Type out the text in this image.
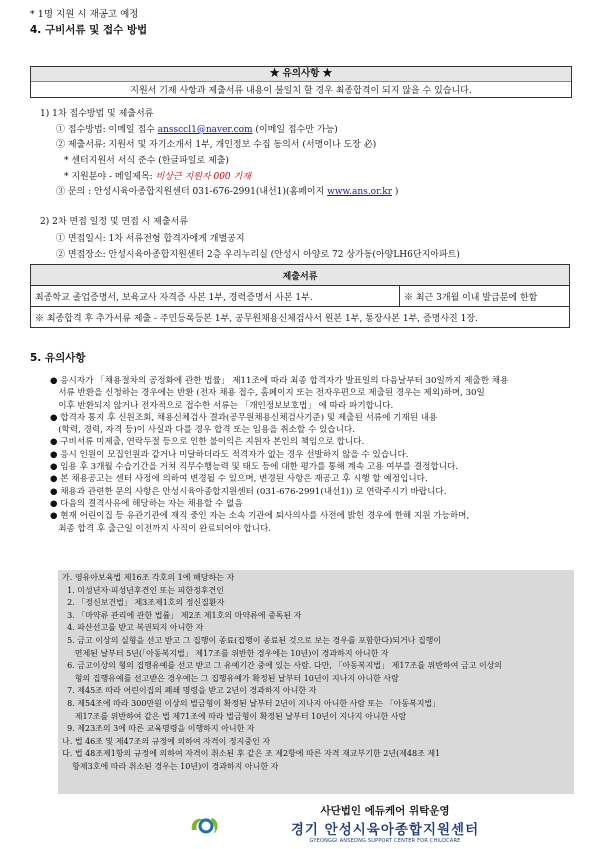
* 1명 지원 시 재공고 예정
4. 구비서류 및 접수 방법
★ 유의사항 ★
지원서 기재 사항과 제출서류 내용이 불일치 할 경우 최종합격이 되지 않을 수 있습니다.
1) 1차 접수방법 및 제출서류
① 접수방법: 이메일 접수 anssccl1@naver.com (이메일 접수만 가능)
② 제출서류: 지원서 및 자기소개서 1부, 개인정보 수집 동의서 (서명이나 도장 必)
* 센터지원서 서식 준수 (한글파일로 제출)
* 지원분야 - 메일제목: 비상근 지원자 000 기재
③ 문의 : 안성시육아종합지원센터 031-676-2991(내선1)(홈페이지 www.ans.or.kr )
2) 2차 면접 일정 및 면접 시 제출서류
① 면접일시: 1차 서류전형 합격자에게 개별공지
② 면접장소: 안성시육아종합지원센터 2층 우리누리실 (안성시 아양로 72 상가동(아양LH6단지아파트)
제출서류
최종학교 졸업증명서, 보육교사 자격증 사본 1부, 경력증명서 사본 1부.	※ 최근 3개월 이내 발급분에 한함
※ 최종합격 후 추가서류 제출 - 주민등록등본 1부, 공무원채용신체검사서 원본 1부, 통장사본 1부, 증명사진 1장.
5. 유의사항
● 응시자가 「채용절차의 공정화에 관한 법률」 제11조에 따라 최종 합격자가 발표일의 다음날부터 30일까지 제출한 채용
서류 반환을 신청하는 경우에는 반환 (전자 채용 접수, 홈페이지 또는 전자우편으로 제출된 경우는 제외)하며, 30일
이후 반환되지 않거나 전자적으로 접수한 서류는 「개인정보보호법」 에 따라 파기합니다.
● 합격자 통지 후 신원조회, 채용신체검사 결과(공무원채용신체검사기준) 및 제출된 서류에 기재된 내용
(학력, 경력, 자격 등)이 사실과 다를 경우 합격 또는 임용을 취소할 수 있습니다.
● 구비서류 미제출, 연락두절 등으로 인한 불이익은 지원자 본인의 책임으로 합니다.
● 응시 인원이 모집인원과 같거나 미달하더라도 적격자가 없는 경우 선발하지 않을 수 있습니다.
● 임용 후 3개월 수습기간을 거쳐 직무수행능력 및 태도 등에 대한 평가를 통해 계속 고용 여부를 결정합니다.
● 본 채용공고는 센터 사정에 의하여 변경될 수 있으며, 변경된 사항은 재공고 후 시행 할 예정입니다.
● 채용과 관련한 문의 사항은 안성시육아종합지원센터 (031-676-2991(내선1)) 로 연락주시기 바랍니다.
● 다음의 결격사유에 해당하는 자는 채용할 수 없음
● 현재 어린이집 등 유관기관에 재직 중인 자는 소속 기관에 퇴사의사를 사전에 밝힌 경우에 한해 지원 가능하며,
최종 합격 후 출근일 이전까지 사직이 완료되어야 합니다.
가. 영유아보육법 제16조 각호의 1에 해당하는 자
1. 미성년자·피성년후견인 또는 피한정후견인
2. 「정신보건법」 제3조제1호의 정신질환자
3. 「마약류 관리에 관한 법률」 제2조 제1호의 마약류에 중독된 자
4. 파산선고를 받고 복권되지 아니한 자
5. 금고 이상의 실형을 선고 받고 그 집행이 종료(집행이 종료된 것으로 보는 경우를 포함한다)되거나 집행이
면제된 날부터 5년(「아동복지법」 제17조를 위반한 경우에는 10년)이 경과하지 아니한 자
6. 금고이상의 형의 집행유예를 선고 받고 그 유예기간 중에 있는 사람. 다만, 「아동복지법」 제17조를 위반하여 금고 이상의
형의 집행유예를 선고받은 경우에는 그 집행유예가 확정된 날부터 10년이 지나지 아니한 사람
7. 제45조 따라 어린이집의 폐쇄 명령을 받고 2년이 경과하지 아니한 자
8. 제54조에 따라 300만원 이상의 벌금형이 확정된 날부터 2년이 지나지 아니한 사람 또는 「아동복지법」
제17조를 위반하여 같은 법 제71조에 따라 벌금형이 확정된 날부터 10년이 지나지 아니한 사람
9. 제23조의 3에 따른 교육명령을 이행하지 아니한 자
나. 법 46조 및 제47조의 규정에 의하여 자격이 정지중인 자
다. 법 48조제1항의 규정에 의하여 자격이 취소된 후 같은 조 제2항에 따른 자격 재교부기한 2년(제48조 제1
항제3호에 따라 취소된 경우는 10년)이 경과하지 아니한 자
사단법인 에듀케어 위탁운영
경기 안성시육아종합지원센터
GYEONGGI ANSEONG SUPPORT CENTER FOR CHILDCARE
